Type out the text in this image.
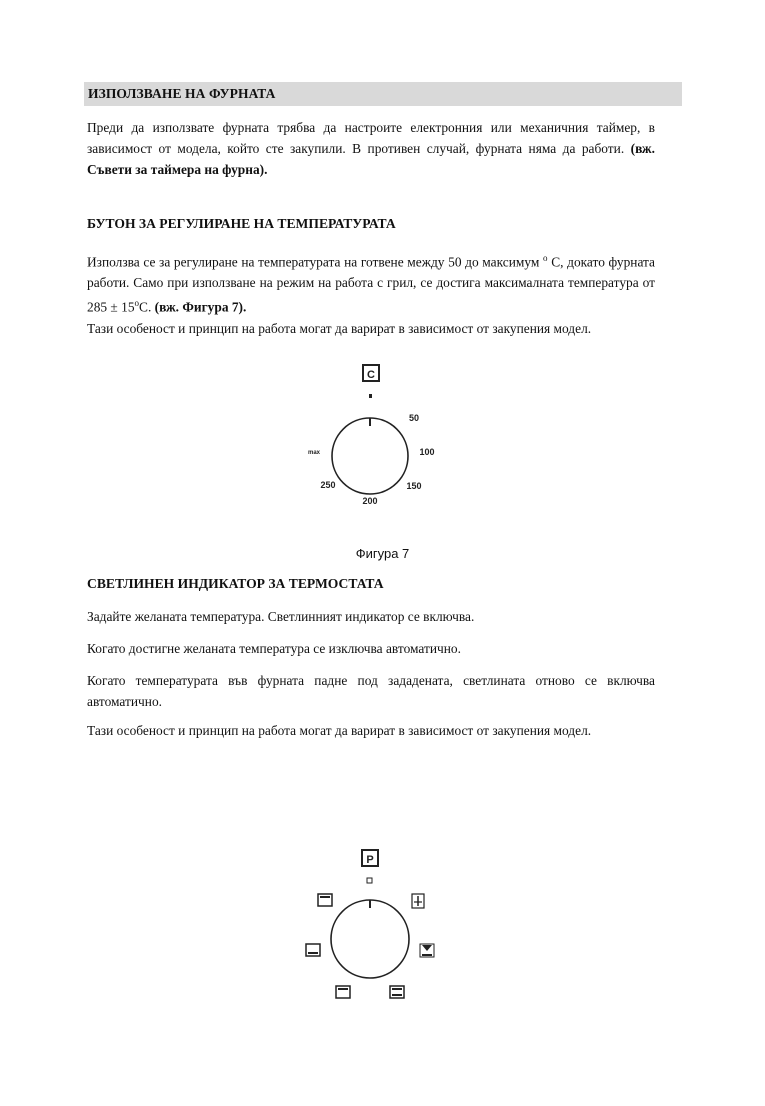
ИЗПОЛЗВАНЕ НА ФУРНАТА
Преди да използвате фурната трябва да настроите електронния или механичния таймер, в зависимост от модела, който сте закупили. В противен случай, фурната няма да работи. (вж. Съвети за таймера на фурна).
БУТОН ЗА РЕГУЛИРАНЕ НА ТЕМПЕРАТУРАТА
Използва се за регулиране на температурата на готвене между 50 до максимум $^o$ C, докато фурната работи. Само при използване на режим на работа с грил, се достига максималната температура от $285 \pm 15^oC$. (вж. Фигура 7).
Тази особеност и принцип на работа могат да варират в зависимост от закупения модел.
C
50
100
150
200
250
max
Фигура 7
СВЕТЛИНЕН ИНДИКАТОР ЗА ТЕРМОСТАТА
Задайте желаната температура. Светлинният индикатор се включва.
Когато достигне желаната температура се изключва автоматично.
Когато температурата във фурната падне под зададената, светлината отново се включва автоматично.
Тази особеност и принцип на работа могат да варират в зависимост от закупения модел.
P
